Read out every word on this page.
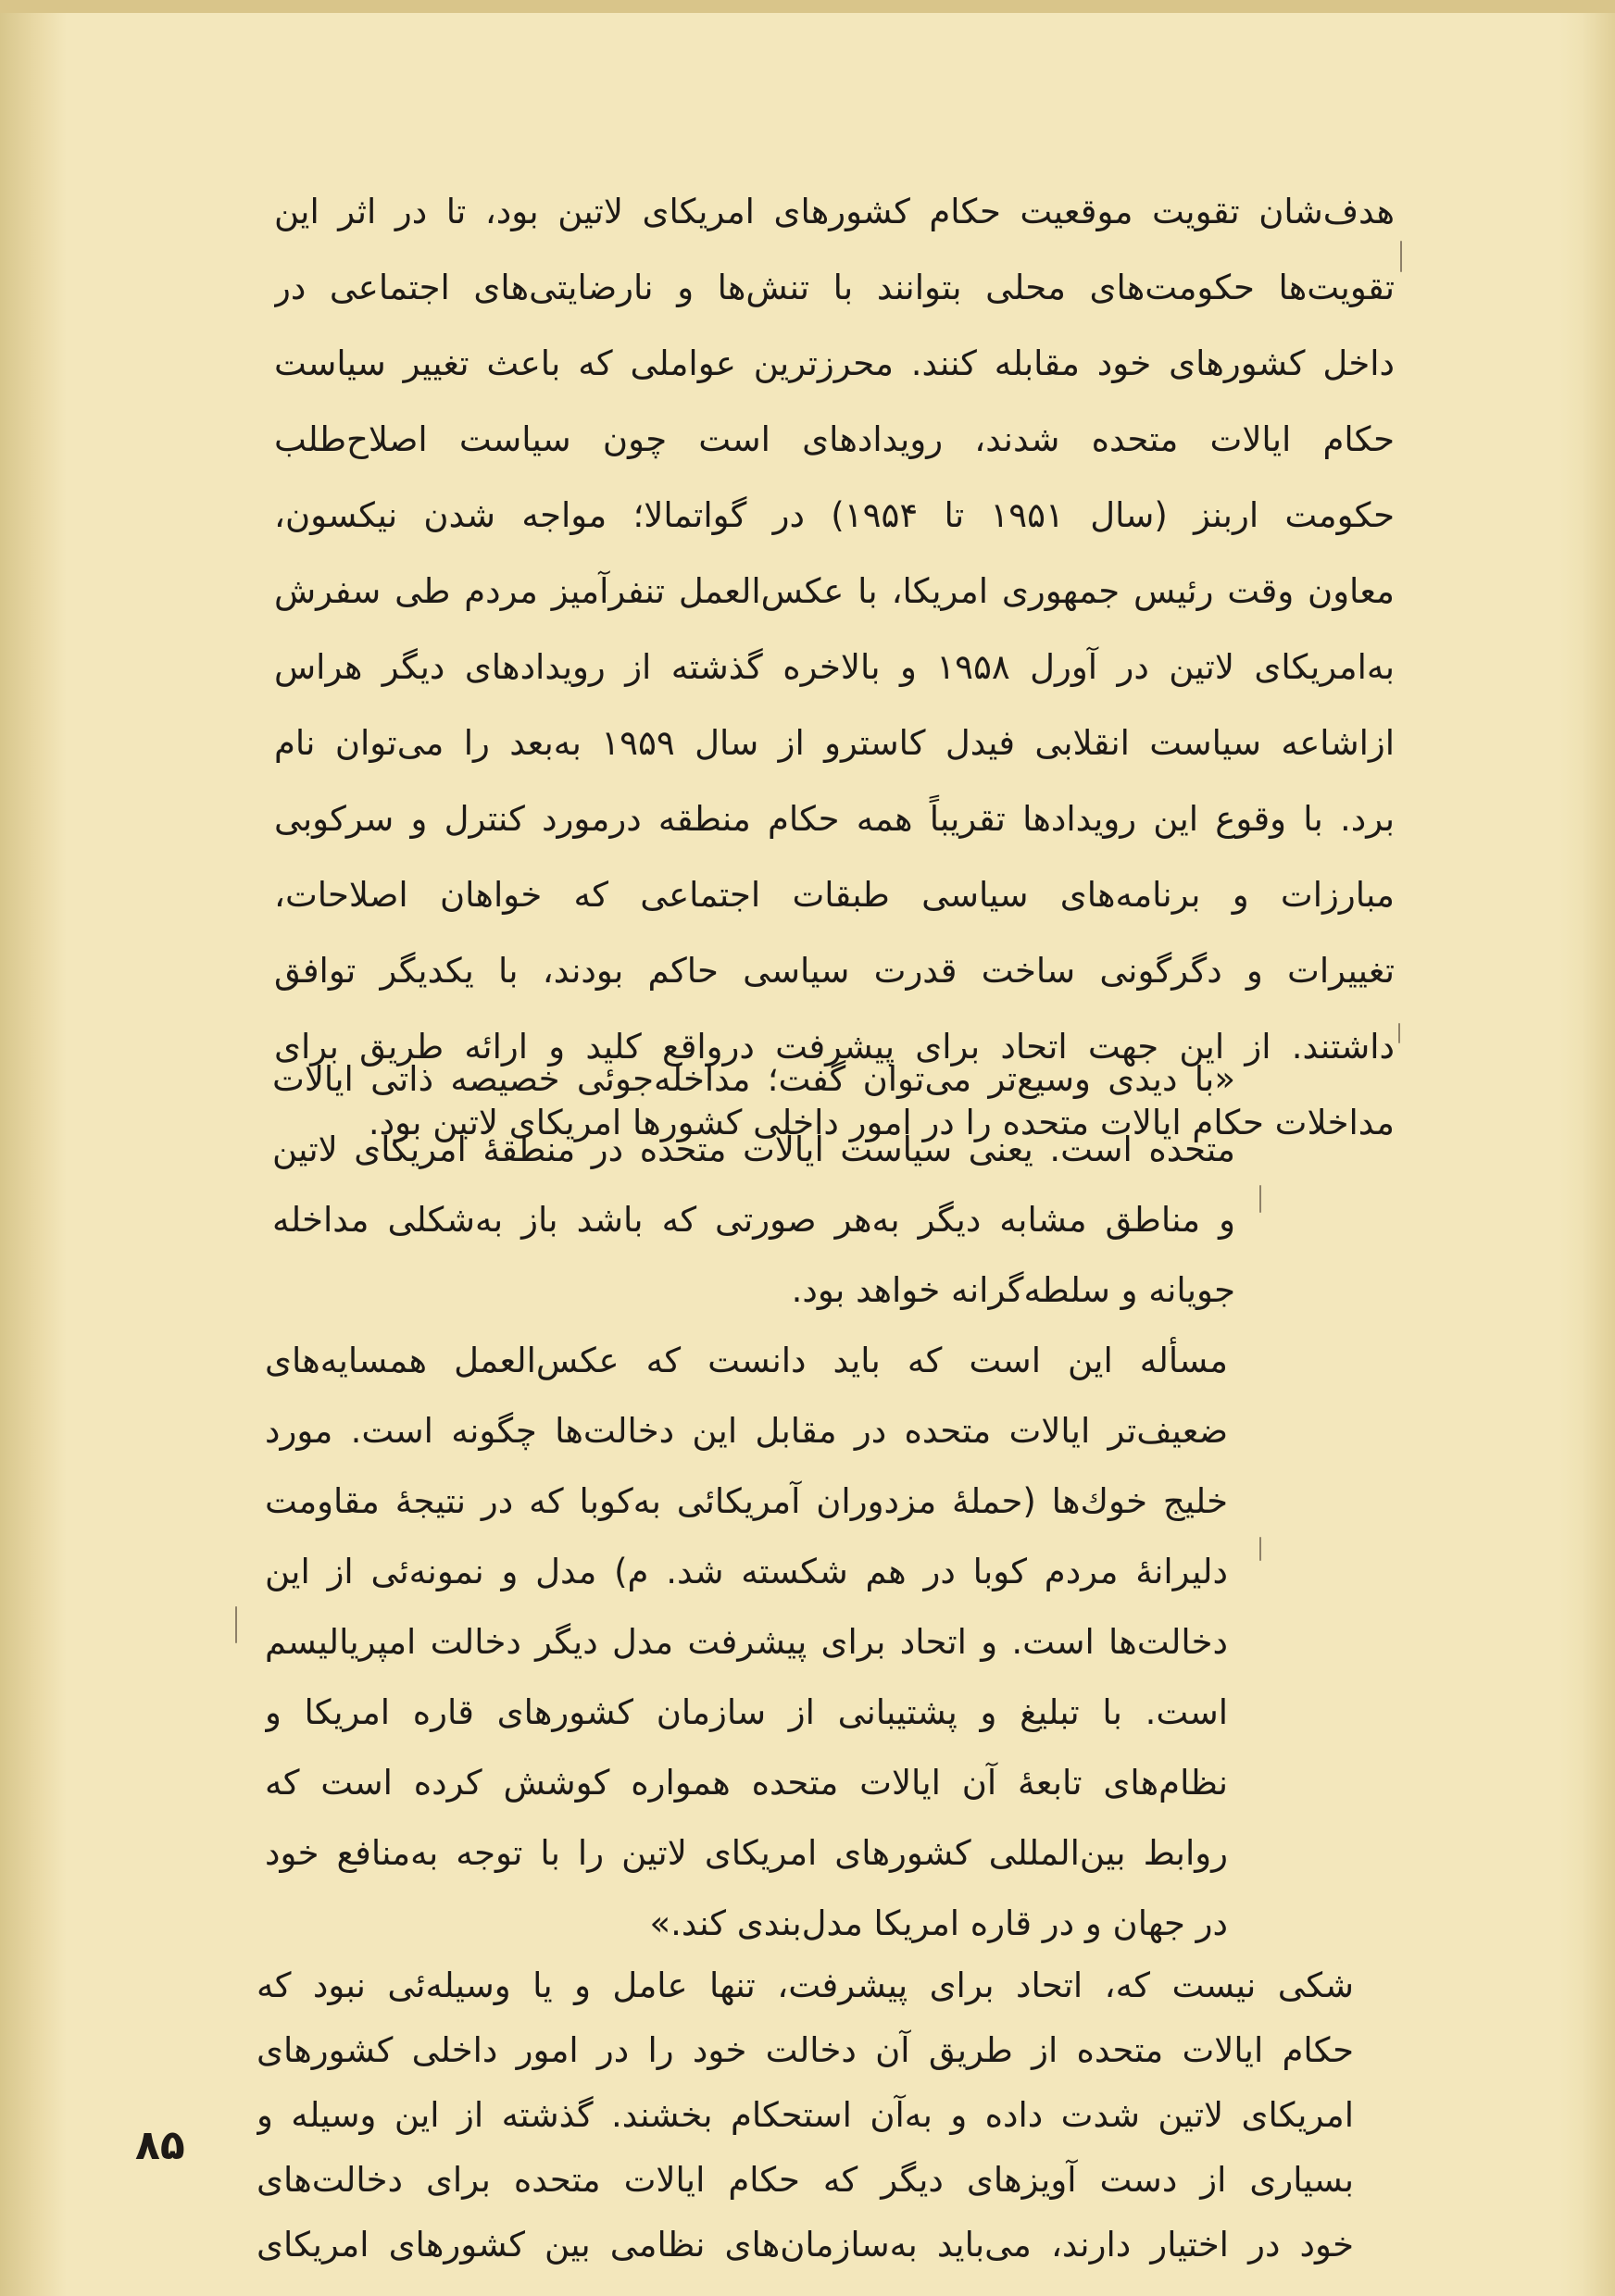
هدف‌شان تقویت موقعیت حکام کشورهای امریکای لاتین بود، تا در اثر این
تقویت‌ها حکومت‌های محلی بتوانند با تنش‌ها و نارضایتی‌های اجتماعی در
داخل کشورهای خود مقابله کنند. محرزترین عواملی که باعث تغییر سیاست
حکام ایالات متحده شدند، رویدادهای است چون سیاست اصلاح‌طلب
حکومت اربنز (سال ۱۹۵۱ تا ۱۹۵۴) در گواتمالا؛ مواجه شدن نیکسون،
معاون وقت رئیس جمهوری امریکا، با عکس‌العمل تنفرآمیز مردم طی سفرش
به‌امریکای لاتین در آورل ۱۹۵۸ و بالاخره گذشته از رویدادهای دیگر هراس
ازاشاعه سیاست انقلابی فیدل کاسترو از سال ۱۹۵۹ به‌بعد را می‌توان نام
برد. با وقوع این رویدادها تقریباً همه حکام منطقه درمورد کنترل و سرکوبی
مبارزات و برنامه‌های سیاسی طبقات اجتماعی که خواهان اصلاحات،
تغییرات و دگرگونی ساخت قدرت سیاسی حاکم بودند، با یکدیگر توافق
داشتند. از این جهت اتحاد برای پیشرفت درواقع کلید و ارائه طریق برای
مداخلات حکام ایالات متحده را در امور داخلی کشورها امریکای لاتین بود.
«با دیدی وسیع‌تر می‌توان گفت؛ مداخله‌جوئی خصیصه ذاتی ایالات
متحده است. یعنی سیاست ایالات متحده در منطقهٔ امریکای لاتین
و مناطق مشابه دیگر به‌هر صورتی که باشد باز به‌شکلی مداخله
جویانه و سلطه‌گرانه خواهد بود.
مسأله این است که باید دانست که عکس‌العمل همسایه‌های
ضعیف‌تر ایالات متحده در مقابل این دخالت‌ها چگونه است. مورد
خلیج خوك‌ها (حملهٔ مزدوران آمریکائی به‌کوبا که در نتیجهٔ مقاومت
دلیرانهٔ مردم کوبا در هم شکسته شد. م) مدل و نمونه‌ئی از این
دخالت‌ها است. و اتحاد برای پیشرفت مدل دیگر دخالت امپریالیسم
است. با تبلیغ و پشتیبانی از سازمان کشورهای قاره امریکا و
نظام‌های تابعهٔ آن ایالات متحده همواره کوشش کرده است که
روابط بین‌المللی کشورهای امریکای لاتین را با توجه به‌منافع خود
در جهان و در قاره امریکا مدل‌بندی کند.»
شکی نیست که، اتحاد برای پیشرفت، تنها عامل و یا وسیله‌ئی نبود که
حکام ایالات متحده از طریق آن دخالت خود را در امور داخلی کشورهای
امریکای لاتین شدت داده و به‌آن استحکام بخشند. گذشته از این وسیله و
بسیاری از دست آویزهای دیگر که حکام ایالات متحده برای دخالت‌های
خود در اختیار دارند، می‌باید به‌سازمان‌های نظامی بین کشورهای امریکای
۸۵
